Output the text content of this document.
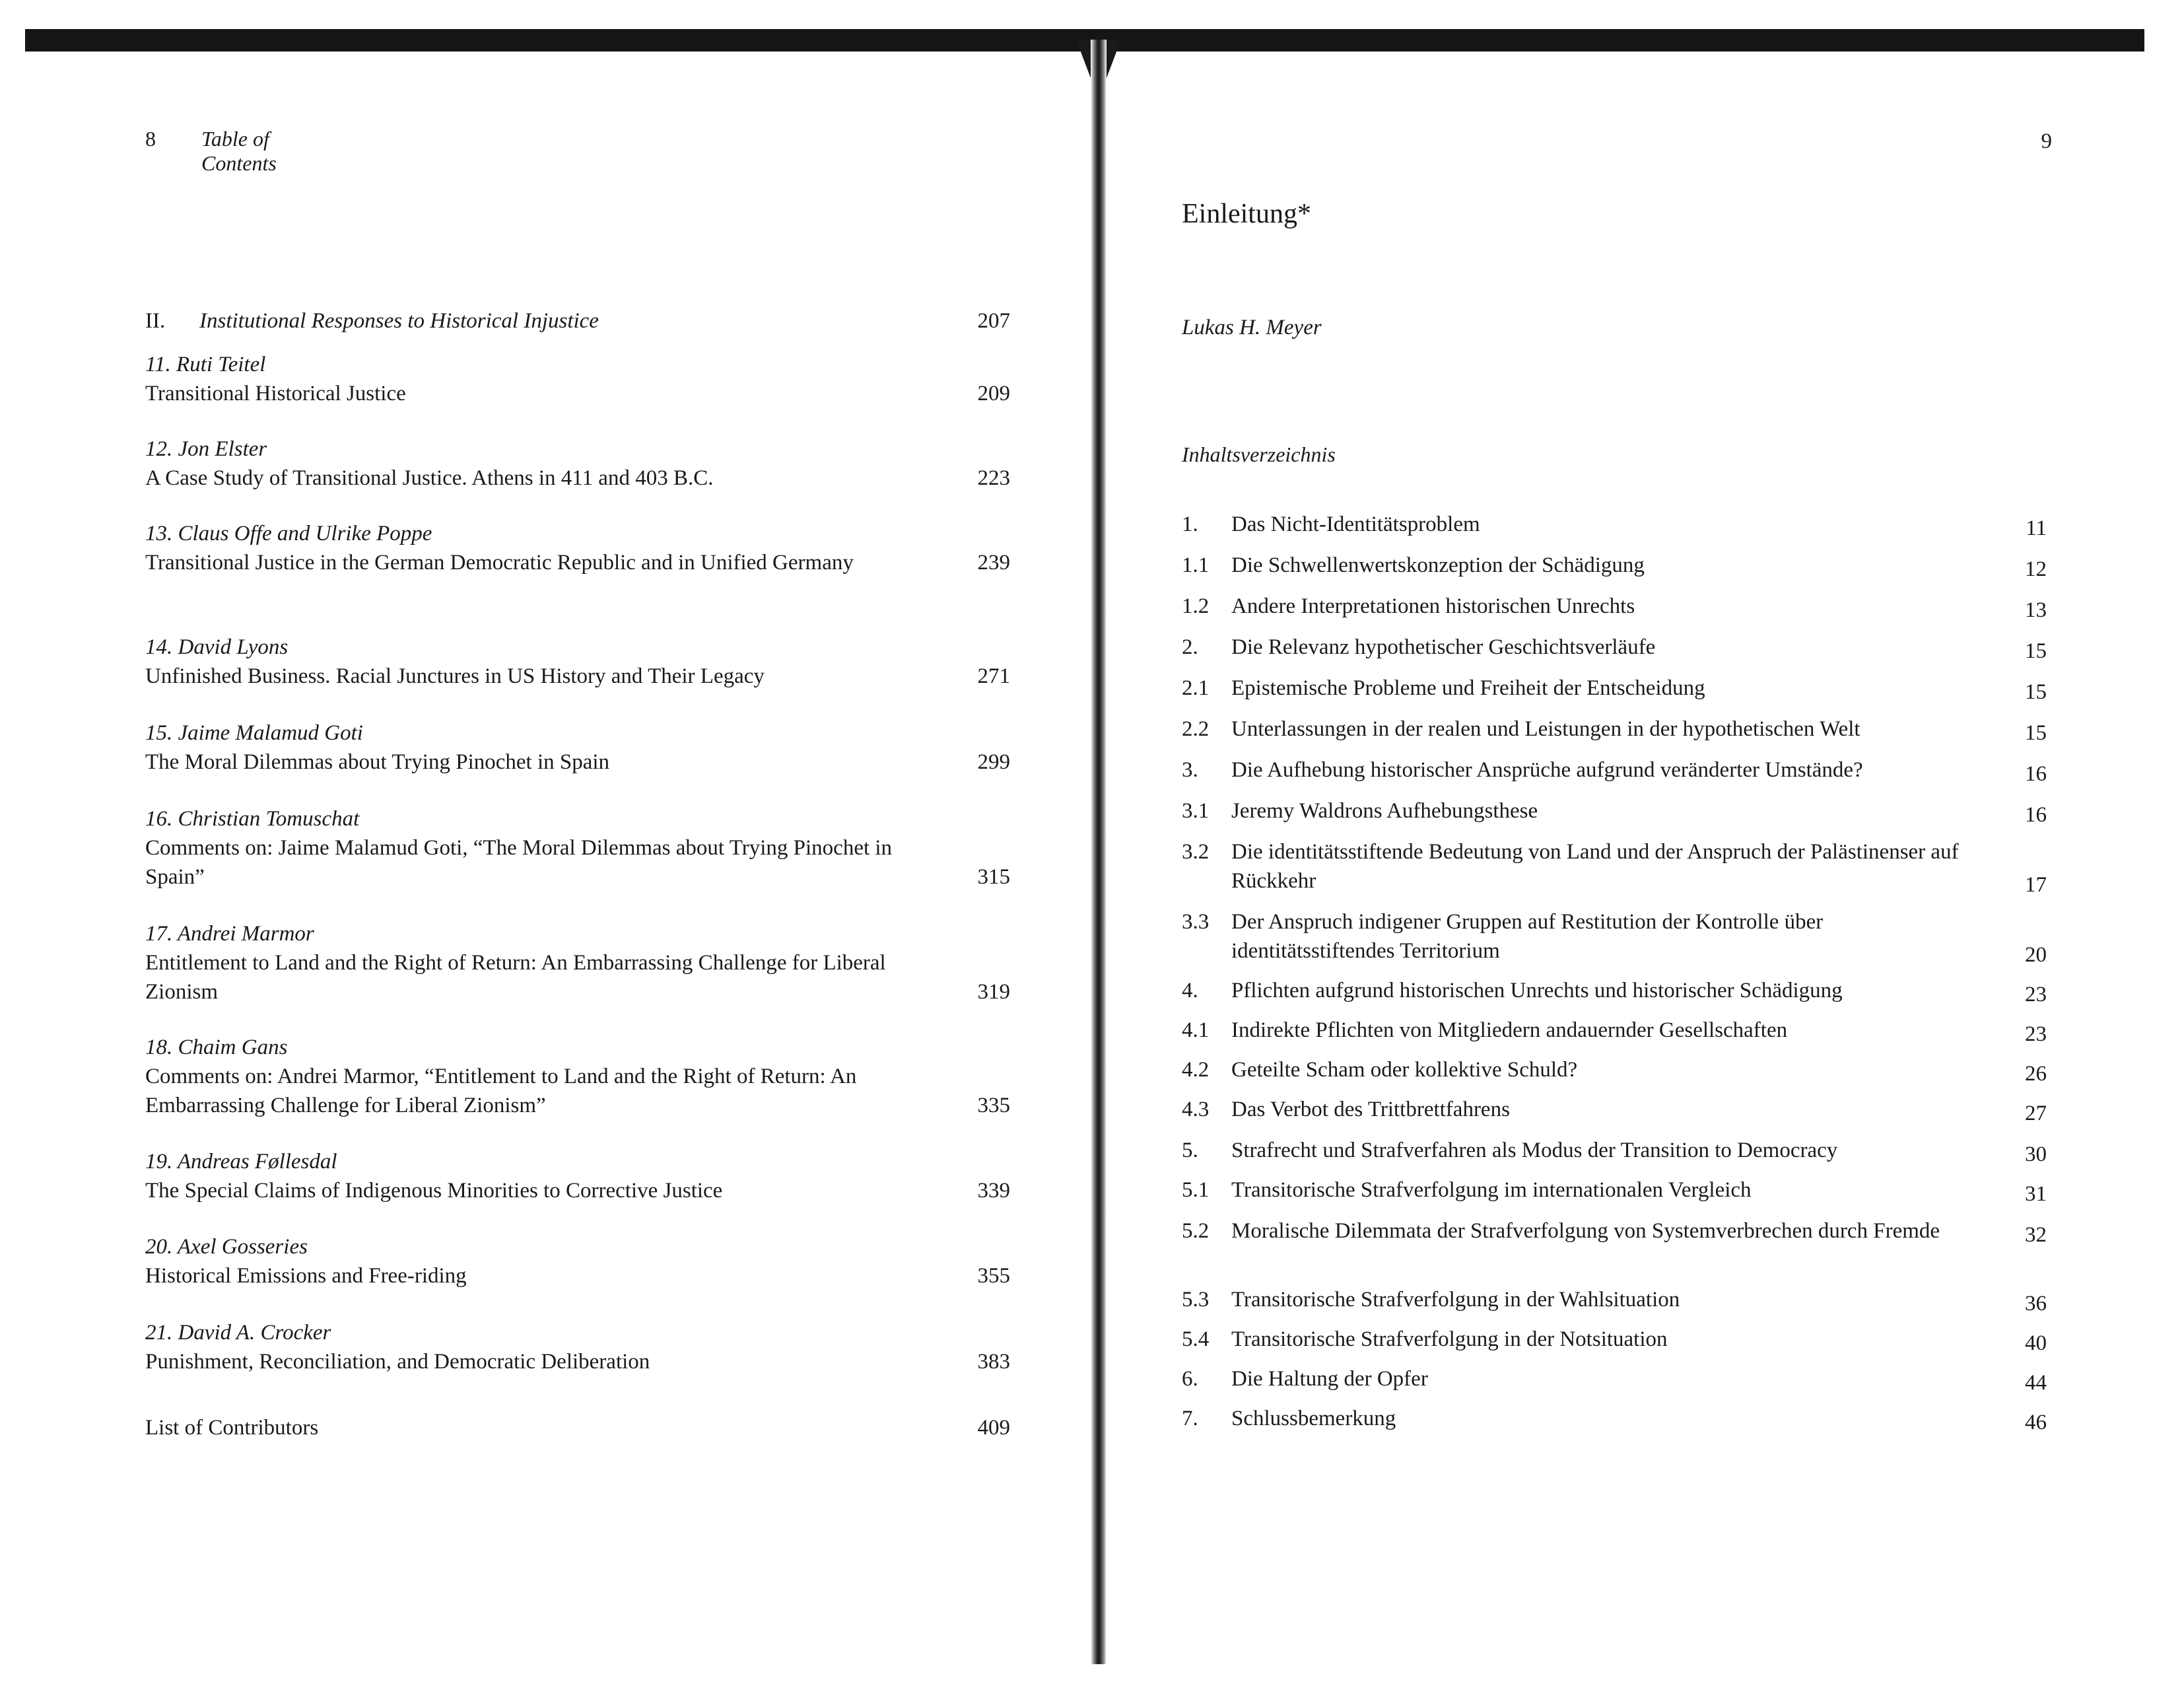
8 Table of Contents
II. Institutional Responses to Historical Injustice	207
11. Ruti Teitel
Transitional Historical Justice	209
12. Jon Elster
A Case Study of Transitional Justice. Athens in 411 and 403 B.C.	223
13. Claus Offe and Ulrike Poppe
Transitional Justice in the German Democratic Republic and in Unified Germany	239
14. David Lyons
Unfinished Business. Racial Junctures in US History and Their Legacy	271
15. Jaime Malamud Goti
The Moral Dilemmas about Trying Pinochet in Spain	299
16. Christian Tomuschat
Comments on: Jaime Malamud Goti, “The Moral Dilemmas about Trying Pinochet in Spain”	315
17. Andrei Marmor
Entitlement to Land and the Right of Return: An Embarrassing Challenge for Liberal Zionism	319
18. Chaim Gans
Comments on: Andrei Marmor, “Entitlement to Land and the Right of Return: An Embarrassing Challenge for Liberal Zionism”	335
19. Andreas Føllesdal
The Special Claims of Indigenous Minorities to Corrective Justice	339
20. Axel Gosseries
Historical Emissions and Free-riding	355
21. David A. Crocker
Punishment, Reconciliation, and Democratic Deliberation	383
List of Contributors	409
9
Einleitung*
Lukas H. Meyer
Inhaltsverzeichnis
1. Das Nicht-Identitätsproblem	11
1.1 Die Schwellenwertskonzeption der Schädigung	12
1.2 Andere Interpretationen historischen Unrechts	13
2. Die Relevanz hypothetischer Geschichtsverläufe	15
2.1 Epistemische Probleme und Freiheit der Entscheidung	15
2.2 Unterlassungen in der realen und Leistungen in der hypothetischen Welt	15
3. Die Aufhebung historischer Ansprüche aufgrund veränderter Umstände?	16
3.1 Jeremy Waldrons Aufhebungsthese	16
3.2 Die identitätsstiftende Bedeutung von Land und der Anspruch der Palästinenser auf Rückkehr	17
3.3 Der Anspruch indigener Gruppen auf Restitution der Kontrolle über identitätsstiftendes Territorium	20
4. Pflichten aufgrund historischen Unrechts und historischer Schädigung	23
4.1 Indirekte Pflichten von Mitgliedern andauernder Gesellschaften	23
4.2 Geteilte Scham oder kollektive Schuld?	26
4.3 Das Verbot des Trittbrettfahrens	27
5. Strafrecht und Strafverfahren als Modus der Transition to Democracy	30
5.1 Transitorische Strafverfolgung im internationalen Vergleich	31
5.2 Moralische Dilemmata der Strafverfolgung von Systemverbrechen durch Fremde	32
5.3 Transitorische Strafverfolgung in der Wahlsituation	36
5.4 Transitorische Strafverfolgung in der Notsituation	40
6. Die Haltung der Opfer	44
7. Schlussbemerkung	46
